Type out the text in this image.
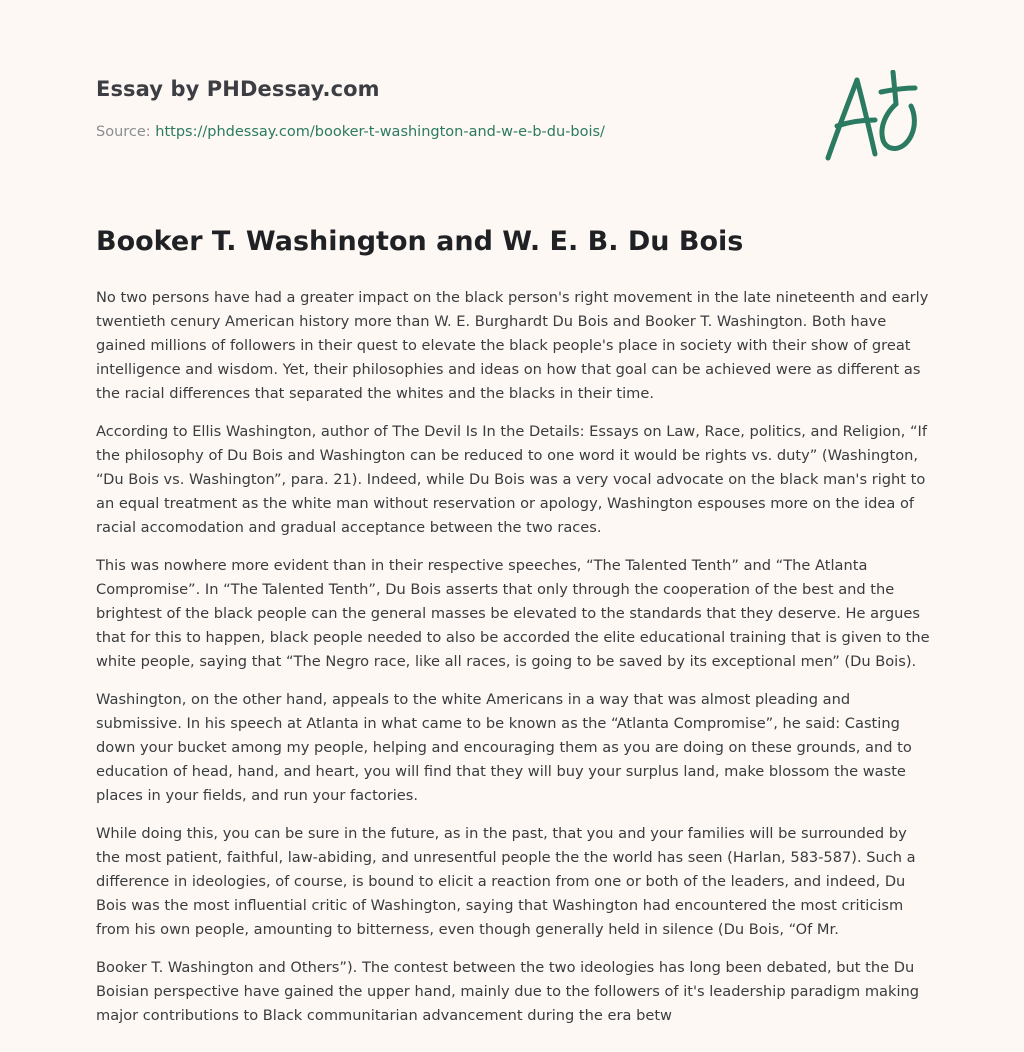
Essay by PHDessay.com
Source: https://phdessay.com/booker-t-washington-and-w-e-b-du-bois/
Booker T. Washington and W. E. B. Du Bois

No two persons have had a greater impact on the black person's right movement in the late nineteenth and early twentieth cenury American history more than W. E. Burghardt Du Bois and Booker T. Washington. Both have gained millions of followers in their quest to elevate the black people's place in society with their show of great intelligence and wisdom. Yet, their philosophies and ideas on how that goal can be achieved were as different as the racial differences that separated the whites and the blacks in their time.

According to Ellis Washington, author of The Devil Is In the Details: Essays on Law, Race, politics, and Religion, “If the philosophy of Du Bois and Washington can be reduced to one word it would be rights vs. duty” (Washington, “Du Bois vs. Washington”, para. 21). Indeed, while Du Bois was a very vocal advocate on the black man's right to an equal treatment as the white man without reservation or apology, Washington espouses more on the idea of racial accomodation and gradual acceptance between the two races.

This was nowhere more evident than in their respective speeches, “The Talented Tenth” and “The Atlanta Compromise”. In “The Talented Tenth”, Du Bois asserts that only through the cooperation of the best and the brightest of the black people can the general masses be elevated to the standards that they deserve. He argues that for this to happen, black people needed to also be accorded the elite educational training that is given to the white people, saying that “The Negro race, like all races, is going to be saved by its exceptional men” (Du Bois).

Washington, on the other hand, appeals to the white Americans in a way that was almost pleading and submissive. In his speech at Atlanta in what came to be known as the “Atlanta Compromise”, he said: Casting down your bucket among my people, helping and encouraging them as you are doing on these grounds, and to education of head, hand, and heart, you will find that they will buy your surplus land, make blossom the waste places in your fields, and run your factories.

While doing this, you can be sure in the future, as in the past, that you and your families will be surrounded by the most patient, faithful, law-abiding, and unresentful people the the world has seen (Harlan, 583-587). Such a difference in ideologies, of course, is bound to elicit a reaction from one or both of the leaders, and indeed, Du Bois was the most influential critic of Washington, saying that Washington had encountered the most criticism from his own people, amounting to bitterness, even though generally held in silence (Du Bois, “Of Mr.

Booker T. Washington and Others”). The contest between the two ideologies has long been debated, but the Du Boisian perspective have gained the upper hand, mainly due to the followers of it's leadership paradigm making major contributions to Black communitarian advancement during the era betw
